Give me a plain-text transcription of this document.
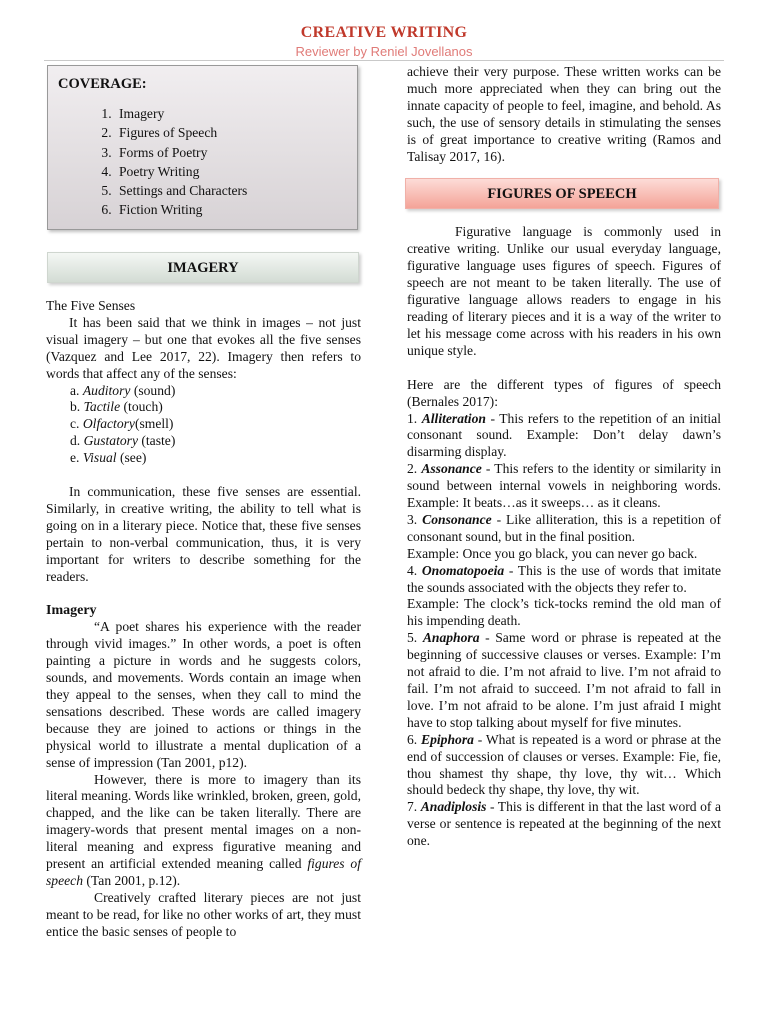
CREATIVE WRITING
Reviewer by Reniel Jovellanos
COVERAGE:
1. Imagery
2. Figures of Speech
3. Forms of Poetry
4. Poetry Writing
5. Settings and Characters
6. Fiction Writing
IMAGERY

The Five Senses

It has been said that we think in images – not just visual imagery – but one that evokes all the five senses (Vazquez and Lee 2017, 22). Imagery then refers to words that affect any of the senses:

a. Auditory (sound)
b. Tactile (touch)
c. Olfactory(smell)
d. Gustatory (taste)
e. Visual (see)

In communication, these five senses are essential. Similarly, in creative writing, the ability to tell what is going on in a literary piece. Notice that, these five senses pertain to non-verbal communication, thus, it is very important for writers to describe something for the readers.

Imagery

“A poet shares his experience with the reader through vivid images.” In other words, a poet is often painting a picture in words and he suggests colors, sounds, and movements. Words contain an image when they appeal to the senses, when they call to mind the sensations described. These words are called imagery because they are joined to actions or things in the physical world to illustrate a mental duplication of a sense of impression (Tan 2001, p12).

However, there is more to imagery than its literal meaning. Words like wrinkled, broken, green, gold, chapped, and the like can be taken literally. There are imagery-words that present mental images on a non-literal meaning and express figurative meaning and present an artificial extended meaning called figures of speech (Tan 2001, p.12).

Creatively crafted literary pieces are not just meant to be read, for like no other works of art, they must entice the basic senses of people to

achieve their very purpose. These written works can be much more appreciated when they can bring out the innate capacity of people to feel, imagine, and behold. As such, the use of sensory details in stimulating the senses is of great importance to creative writing (Ramos and Talisay 2017, 16).

FIGURES OF SPEECH

Figurative language is commonly used in creative writing. Unlike our usual everyday language, figurative language uses figures of speech. Figures of speech are not meant to be taken literally. The use of figurative language allows readers to engage in his reading of literary pieces and it is a way of the writer to let his message come across with his readers in his own unique style.

Here are the different types of figures of speech (Bernales 2017):

1. Alliteration - This refers to the repetition of an initial consonant sound. Example: Don’t delay dawn’s disarming display.

2. Assonance - This refers to the identity or similarity in sound between internal vowels in neighboring words. Example: It beats…as it sweeps… as it cleans.

3. Consonance - Like alliteration, this is a repetition of consonant sound, but in the final position.

Example: Once you go black, you can never go back.

4. Onomatopoeia - This is the use of words that imitate the sounds associated with the objects they refer to.

Example: The clock’s tick-tocks remind the old man of his impending death.

5. Anaphora - Same word or phrase is repeated at the beginning of successive clauses or verses. Example: I’m not afraid to die. I’m not afraid to live. I’m not afraid to fail. I’m not afraid to succeed. I’m not afraid to fall in love. I’m not afraid to be alone. I’m just afraid I might have to stop talking about myself for five minutes.

6. Epiphora - What is repeated is a word or phrase at the end of succession of clauses or verses. Example: Fie, fie, thou shamest thy shape, thy love, thy wit… Which should bedeck thy shape, thy love, thy wit.

7. Anadiplosis - This is different in that the last word of a verse or sentence is repeated at the beginning of the next one.
